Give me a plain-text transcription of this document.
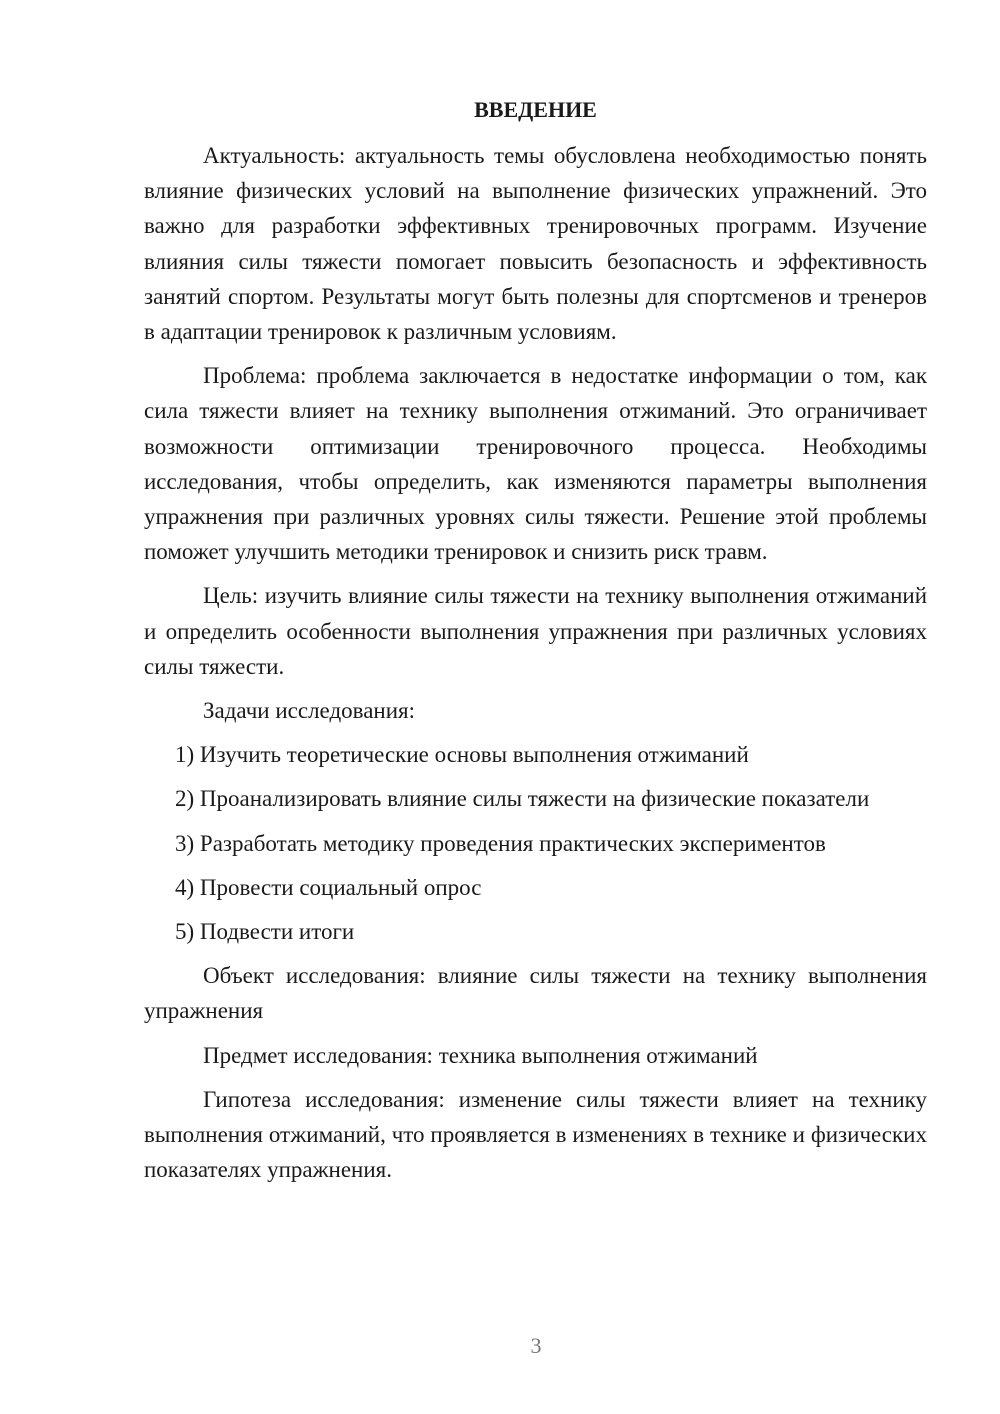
ВВЕДЕНИЕ

Актуальность: актуальность темы обусловлена необходимостью понять влияние физических условий на выполнение физических упражнений. Это важно для разработки эффективных тренировочных программ. Изучение влияния силы тяжести помогает повысить безопасность и эффективность занятий спортом. Результаты могут быть полезны для спортсменов и тренеров в адаптации тренировок к различным условиям.

Проблема: проблема заключается в недостатке информации о том, как сила тяжести влияет на технику выполнения отжиманий. Это ограничивает возможности оптимизации тренировочного процесса. Необходимы исследования, чтобы определить, как изменяются параметры выполнения упражнения при различных уровнях силы тяжести. Решение этой проблемы поможет улучшить методики тренировок и снизить риск травм.

Цель: изучить влияние силы тяжести на технику выполнения отжиманий и определить особенности выполнения упражнения при различных условиях силы тяжести.

Задачи исследования:
1) Изучить теоретические основы выполнения отжиманий
2) Проанализировать влияние силы тяжести на физические показатели
3) Разработать методику проведения практических экспериментов
4) Провести социальный опрос
5) Подвести итоги

Объект исследования: влияние силы тяжести на технику выполнения упражнения

Предмет исследования: техника выполнения отжиманий

Гипотеза исследования: изменение силы тяжести влияет на технику выполнения отжиманий, что проявляется в изменениях в технике и физических показателях упражнения.

3
